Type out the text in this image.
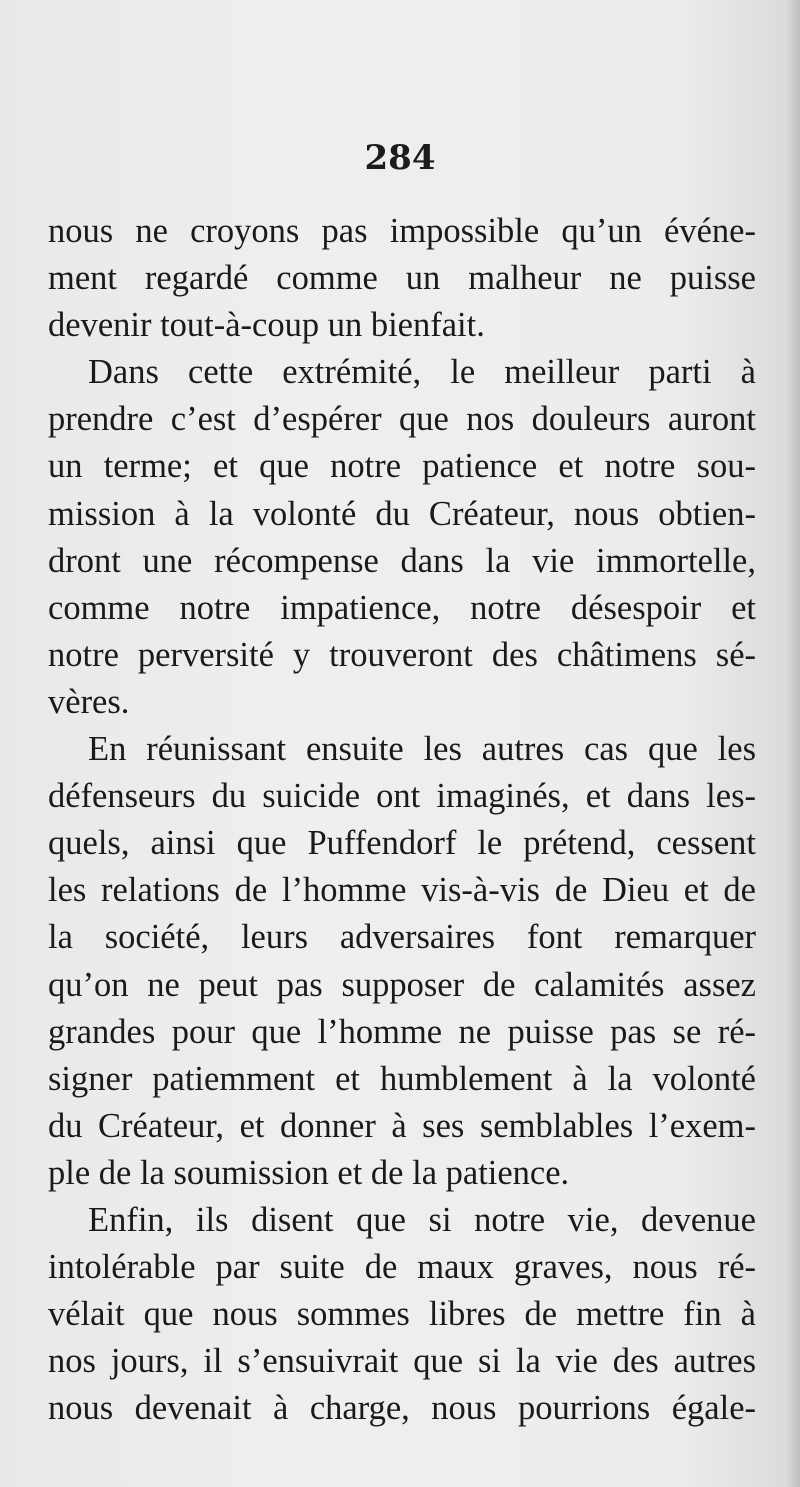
284
nous ne croyons pas impossible qu’un événe-
ment regardé comme un malheur ne puisse
devenir tout-à-coup un bienfait.
Dans cette extrémité, le meilleur parti à
prendre c’est d’espérer que nos douleurs auront
un terme; et que notre patience et notre sou-
mission à la volonté du Créateur, nous obtien-
dront une récompense dans la vie immortelle,
comme notre impatience, notre désespoir et
notre perversité y trouveront des châtimens sé-
vères.
En réunissant ensuite les autres cas que les
défenseurs du suicide ont imaginés, et dans les-
quels, ainsi que Puffendorf le prétend, cessent
les relations de l’homme vis-à-vis de Dieu et de
la société, leurs adversaires font remarquer
qu’on ne peut pas supposer de calamités assez
grandes pour que l’homme ne puisse pas se ré-
signer patiemment et humblement à la volonté
du Créateur, et donner à ses semblables l’exem-
ple de la soumission et de la patience.
Enfin, ils disent que si notre vie, devenue
intolérable par suite de maux graves, nous ré-
vélait que nous sommes libres de mettre fin à
nos jours, il s’ensuivrait que si la vie des autres
nous devenait à charge, nous pourrions égale-
